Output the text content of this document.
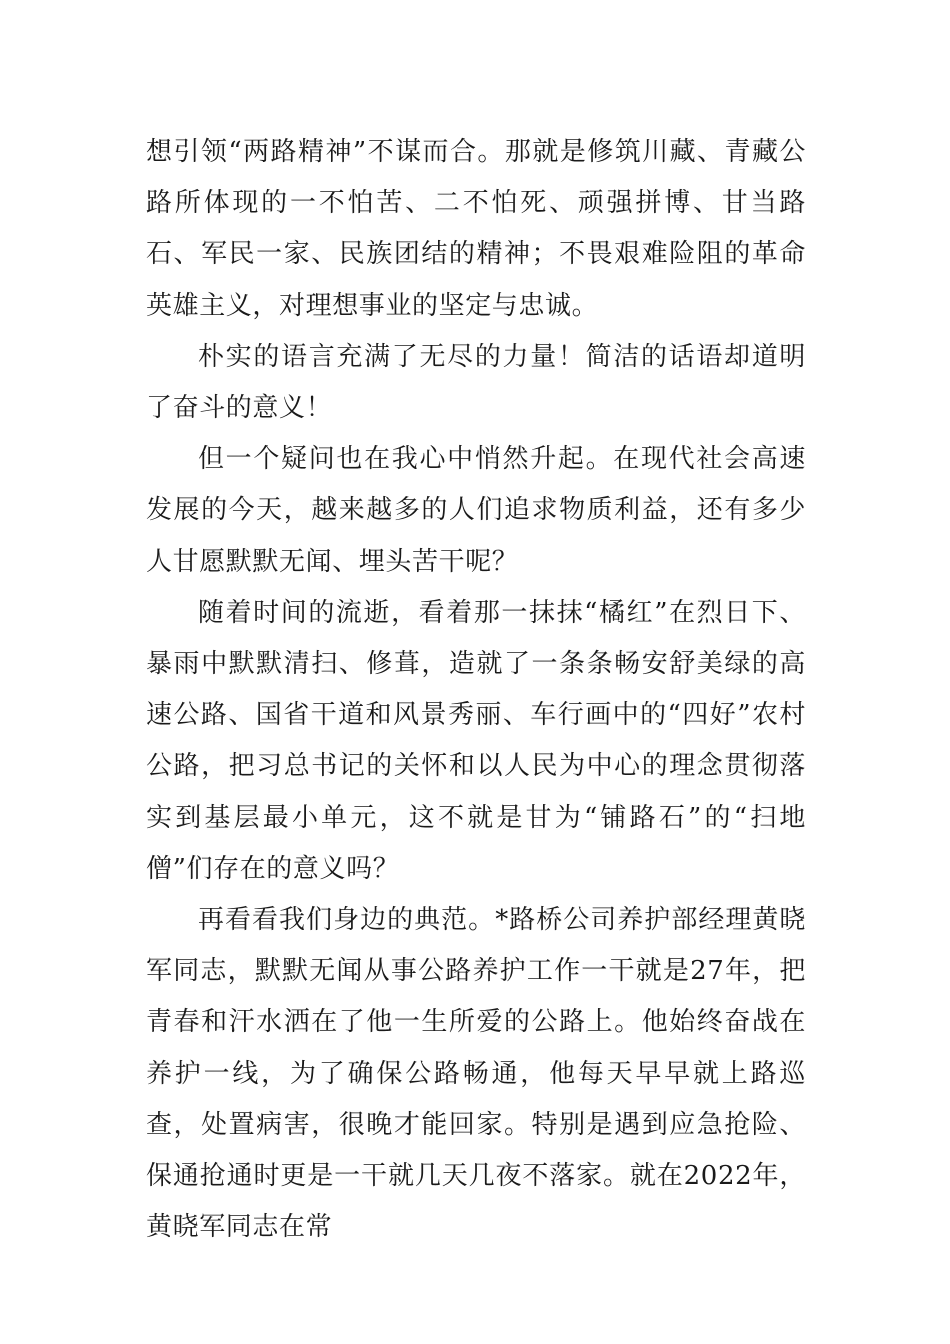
想引领“两路精神”不谋而合。那就是修筑川藏、青藏公路所体现的一不怕苦、二不怕死、顽强拼博、甘当路石、军民一家、民族团结的精神；不畏艰难险阻的革命英雄主义，对理想事业的坚定与忠诚。

朴实的语言充满了无尽的力量！简洁的话语却道明了奋斗的意义！

但一个疑问也在我心中悄然升起。在现代社会高速发展的今天，越来越多的人们追求物质利益，还有多少人甘愿默默无闻、埋头苦干呢？

随着时间的流逝，看着那一抹抹“橘红”在烈日下、暴雨中默默清扫、修葺，造就了一条条畅安舒美绿的高速公路、国省干道和风景秀丽、车行画中的“四好”农村公路，把习总书记的关怀和以人民为中心的理念贯彻落实到基层最小单元，这不就是甘为“铺路石”的“扫地僧”们存在的意义吗？

再看看我们身边的典范。*路桥公司养护部经理黄晓军同志，默默无闻从事公路养护工作一干就是27年，把青春和汗水洒在了他一生所爱的公路上。他始终奋战在养护一线，为了确保公路畅通，他每天早早就上路巡查，处置病害，很晚才能回家。特别是遇到应急抢险、保通抢通时更是一干就几天几夜不落家。就在2022年，黄晓军同志在常
